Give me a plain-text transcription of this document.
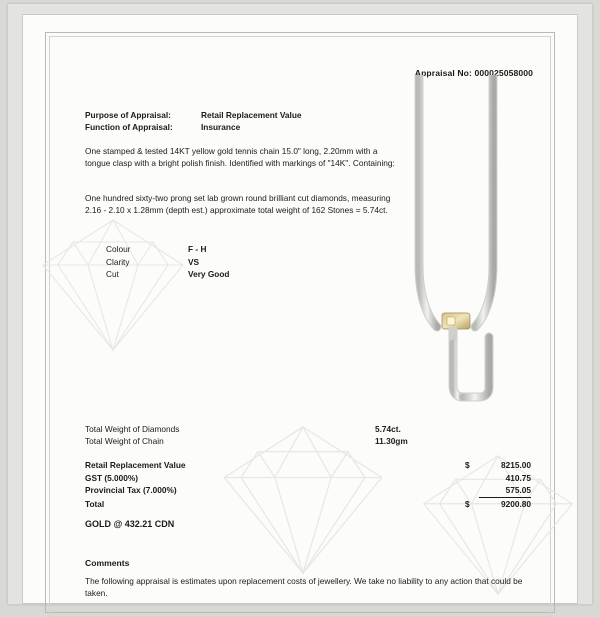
Appraisal No: 000025058000
Purpose of Appraisal:	Retail Replacement Value
Function of Appraisal:	Insurance
One stamped & tested 14KT yellow gold tennis chain 15.0" long, 2.20mm with a tongue clasp with a bright polish finish. Identified with markings of "14K". Containing:
One hundred sixty-two prong set lab grown round brilliant cut diamonds, measuring 2.16 - 2.10 x 1.28mm (depth est.) approximate total weight of 162 Stones = 5.74ct.
Colour	F - H
Clarity	VS
Cut	Very Good
Total Weight of Diamonds	5.74ct.
Total Weight of Chain	11.30gm
Retail Replacement Value	$	8215.00
GST (5.000%)	410.75
Provincial Tax (7.000%)	575.05
Total	$	9200.80
GOLD @ 432.21 CDN
Comments
The following appraisal is estimates upon replacement costs of jewellery. We take no liability to any action that could be taken.
